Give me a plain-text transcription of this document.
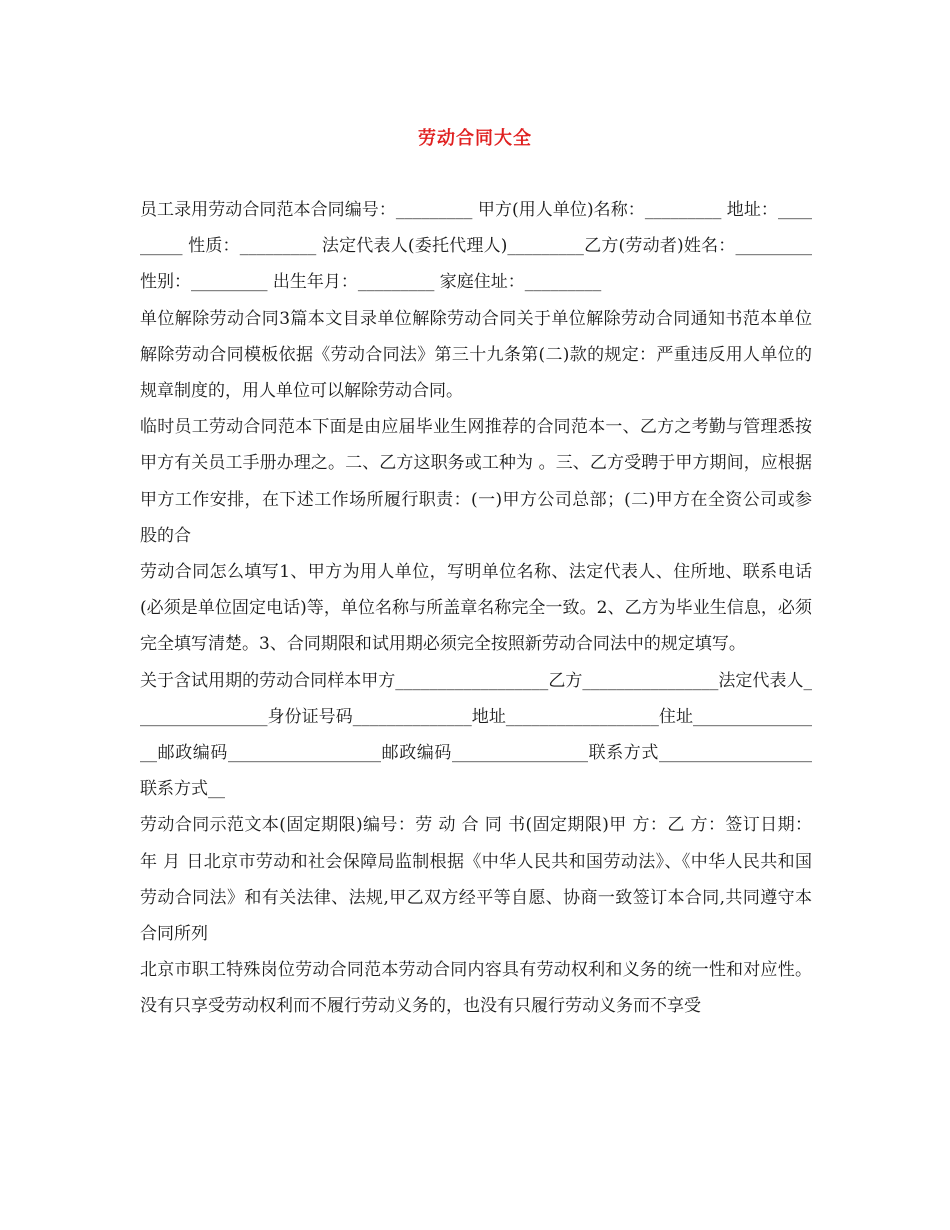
劳动合同大全

员工录用劳动合同范本合同编号：_________ 甲方(用人单位)名称：_________ 地址：_________ 性质：_________ 法定代表人(委托代理人)_________乙方(劳动者)姓名：_________ 性别：_________ 出生年月：_________ 家庭住址：_________

单位解除劳动合同3篇本文目录单位解除劳动合同关于单位解除劳动合同通知书范本单位解除劳动合同模板依据《劳动合同法》第三十九条第(二)款的规定：严重违反用人单位的规章制度的，用人单位可以解除劳动合同。

临时员工劳动合同范本下面是由应届毕业生网推荐的合同范本一、乙方之考勤与管理悉按甲方有关员工手册办理之。二、乙方这职务或工种为 。三、乙方受聘于甲方期间，应根据甲方工作安排，在下述工作场所履行职责：(一)甲方公司总部；(二)甲方在全资公司或参股的合

劳动合同怎么填写1、甲方为用人单位，写明单位名称、法定代表人、住所地、联系电话(必须是单位固定电话)等，单位名称与所盖章名称完全一致。2、乙方为毕业生信息，必须完全填写清楚。3、合同期限和试用期必须完全按照新劳动合同法中的规定填写。

关于含试用期的劳动合同样本甲方__________________乙方________________法定代表人________________身份证号码______________地址__________________住址________________邮政编码__________________邮政编码________________联系方式__________________联系方式__

劳动合同示范文本(固定期限)编号：劳 动 合 同 书(固定期限)甲 方：乙 方：签订日期： 年 月 日北京市劳动和社会保障局监制根据《中华人民共和国劳动法》、《中华人民共和国劳动合同法》和有关法律、法规,甲乙双方经平等自愿、协商一致签订本合同,共同遵守本合同所列

北京市职工特殊岗位劳动合同范本劳动合同内容具有劳动权利和义务的统一性和对应性。没有只享受劳动权利而不履行劳动义务的，也没有只履行劳动义务而不享受
